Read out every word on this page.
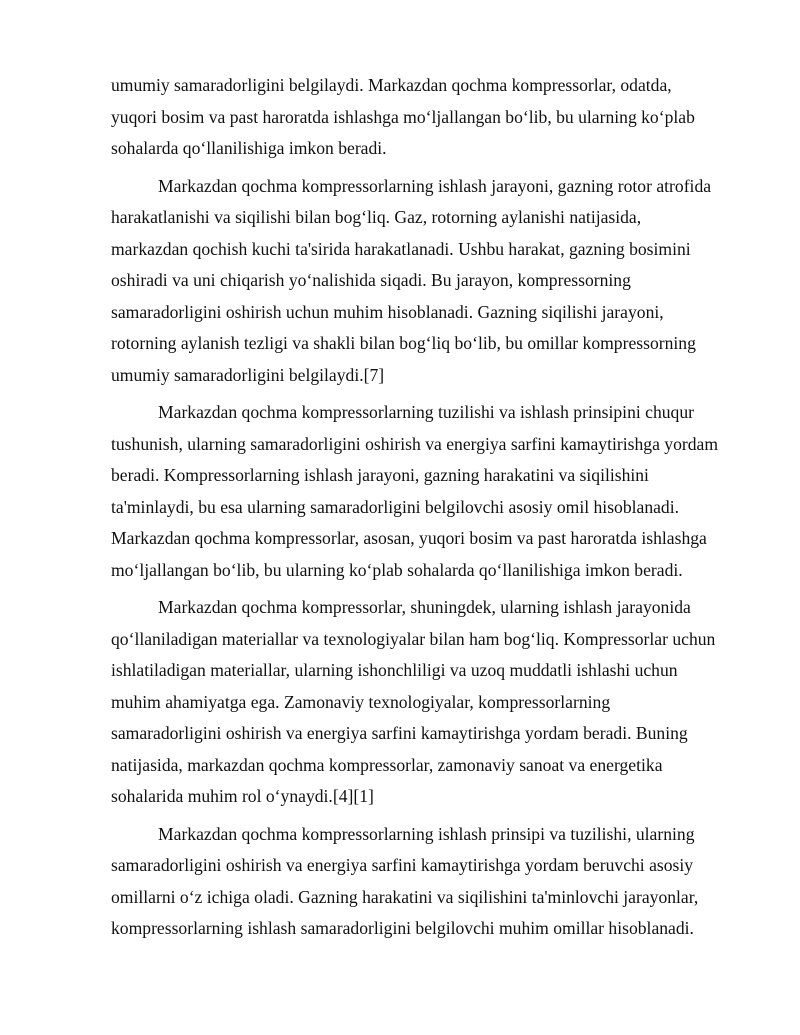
umumiy samaradorligini belgilaydi. Markazdan qochma kompressorlar, odatda,
yuqori bosim va past haroratda ishlashga mo‘ljallangan bo‘lib, bu ularning ko‘plab
sohalarda qo‘llanilishiga imkon beradi.
Markazdan qochma kompressorlarning ishlash jarayoni, gazning rotor atrofida
harakatlanishi va siqilishi bilan bog‘liq. Gaz, rotorning aylanishi natijasida,
markazdan qochish kuchi ta'sirida harakatlanadi. Ushbu harakat, gazning bosimini
oshiradi va uni chiqarish yo‘nalishida siqadi. Bu jarayon, kompressorning
samaradorligini oshirish uchun muhim hisoblanadi. Gazning siqilishi jarayoni,
rotorning aylanish tezligi va shakli bilan bog‘liq bo‘lib, bu omillar kompressorning
umumiy samaradorligini belgilaydi.[7]
Markazdan qochma kompressorlarning tuzilishi va ishlash prinsipini chuqur
tushunish, ularning samaradorligini oshirish va energiya sarfini kamaytirishga yordam
beradi. Kompressorlarning ishlash jarayoni, gazning harakatini va siqilishini
ta'minlaydi, bu esa ularning samaradorligini belgilovchi asosiy omil hisoblanadi.
Markazdan qochma kompressorlar, asosan, yuqori bosim va past haroratda ishlashga
mo‘ljallangan bo‘lib, bu ularning ko‘plab sohalarda qo‘llanilishiga imkon beradi.
Markazdan qochma kompressorlar, shuningdek, ularning ishlash jarayonida
qo‘llaniladigan materiallar va texnologiyalar bilan ham bog‘liq. Kompressorlar uchun
ishlatiladigan materiallar, ularning ishonchliligi va uzoq muddatli ishlashi uchun
muhim ahamiyatga ega. Zamonaviy texnologiyalar, kompressorlarning
samaradorligini oshirish va energiya sarfini kamaytirishga yordam beradi. Buning
natijasida, markazdan qochma kompressorlar, zamonaviy sanoat va energetika
sohalarida muhim rol o‘ynaydi.[4][1]
Markazdan qochma kompressorlarning ishlash prinsipi va tuzilishi, ularning
samaradorligini oshirish va energiya sarfini kamaytirishga yordam beruvchi asosiy
omillarni o‘z ichiga oladi. Gazning harakatini va siqilishini ta'minlovchi jarayonlar,
kompressorlarning ishlash samaradorligini belgilovchi muhim omillar hisoblanadi.
